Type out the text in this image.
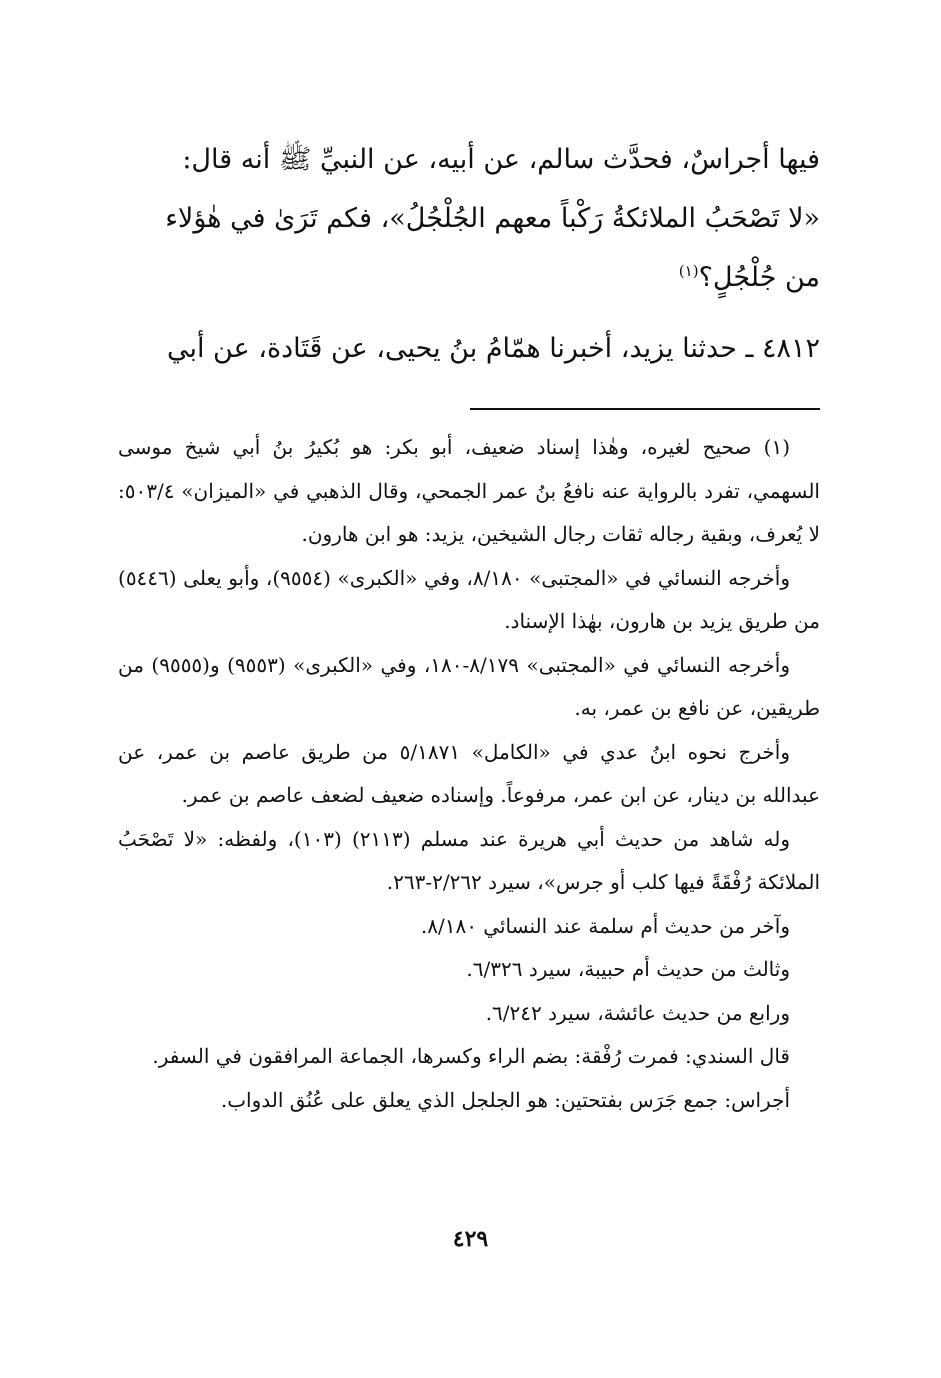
فيها أجراسٌ، فحدَّث سالم، عن أبيه، عن النبيِّ ﷺ أنه قال:

«لا تَصْحَبُ الملائكةُ رَكْباً معهم الجُلْجُلُ»، فكم تَرَىٰ في هٰؤلاء

من جُلْجُلٍ؟$^{(١)}$

٤٨١٢ ـ حدثنا يزيد، أخبرنا همّامُ بنُ يحيى، عن قَتَادة، عن أبي

(١) صحيح لغيره، وهٰذا إسناد ضعيف، أبو بكر: هو بُكيرُ بنُ أبي شيخ موسى السهمي، تفرد بالرواية عنه نافعُ بنُ عمر الجمحي، وقال الذهبي في «الميزان» ٥٠٣/٤: لا يُعرف، وبقية رجاله ثقات رجال الشيخين، يزيد: هو ابن هارون.

وأخرجه النسائي في «المجتبى» ٨/١٨٠، وفي «الكبرى» (٩٥٥٤)، وأبو يعلى (٥٤٤٦) من طريق يزيد بن هارون، بهٰذا الإسناد.

وأخرجه النسائي في «المجتبى» ٨/١٧٩-١٨٠، وفي «الكبرى» (٩٥٥٣) و(٩٥٥٥) من طريقين، عن نافع بن عمر، به.

وأخرج نحوه ابنُ عدي في «الكامل» ٥/١٨٧١ من طريق عاصم بن عمر، عن عبدالله بن دينار، عن ابن عمر، مرفوعاً. وإسناده ضعيف لضعف عاصم بن عمر.

وله شاهد من حديث أبي هريرة عند مسلم (٢١١٣) (١٠٣)، ولفظه: «لا تَصْحَبُ الملائكة رُفْقَةً فيها كلب أو جرس»، سيرد ٢/٢٦٢-٢٦٣.

وآخر من حديث أم سلمة عند النسائي ٨/١٨٠.

وثالث من حديث أم حبيبة، سيرد ٦/٣٢٦.

ورابع من حديث عائشة، سيرد ٦/٢٤٢.

قال السندي: فمرت رُفْقة: بضم الراء وكسرها، الجماعة المرافقون في السفر.

أجراس: جمع جَرَس بفتحتين: هو الجلجل الذي يعلق على عُنُق الدواب.

٤٢٩
